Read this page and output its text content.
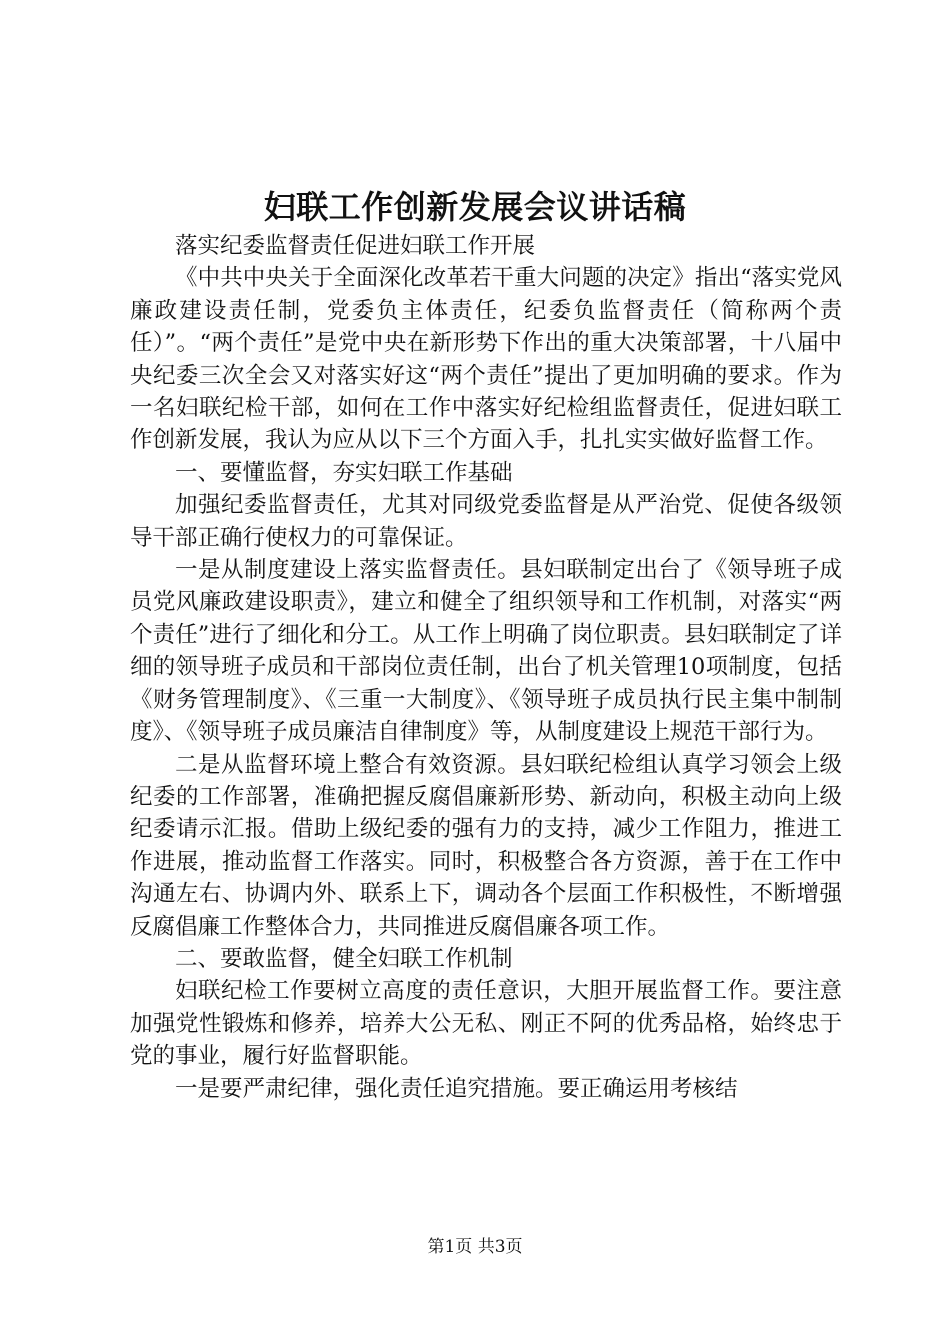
妇联工作创新发展会议讲话稿

落实纪委监督责任促进妇联工作开展

《中共中央关于全面深化改革若干重大问题的决定》指出“落实党风廉政建设责任制，党委负主体责任，纪委负监督责任（简称两个责任）”。“两个责任”是党中央在新形势下作出的重大决策部署，十八届中央纪委三次全会又对落实好这“两个责任”提出了更加明确的要求。作为一名妇联纪检干部，如何在工作中落实好纪检组监督责任，促进妇联工作创新发展，我认为应从以下三个方面入手，扎扎实实做好监督工作。

一、要懂监督，夯实妇联工作基础

加强纪委监督责任，尤其对同级党委监督是从严治党、促使各级领导干部正确行使权力的可靠保证。

一是从制度建设上落实监督责任。县妇联制定出台了《领导班子成员党风廉政建设职责》，建立和健全了组织领导和工作机制，对落实“两个责任”进行了细化和分工。从工作上明确了岗位职责。县妇联制定了详细的领导班子成员和干部岗位责任制，出台了机关管理10项制度，包括《财务管理制度》、《三重一大制度》、《领导班子成员执行民主集中制制度》、《领导班子成员廉洁自律制度》等，从制度建设上规范干部行为。

二是从监督环境上整合有效资源。县妇联纪检组认真学习领会上级纪委的工作部署，准确把握反腐倡廉新形势、新动向，积极主动向上级纪委请示汇报。借助上级纪委的强有力的支持，减少工作阻力，推进工作进展，推动监督工作落实。同时，积极整合各方资源，善于在工作中沟通左右、协调内外、联系上下，调动各个层面工作积极性，不断增强反腐倡廉工作整体合力，共同推进反腐倡廉各项工作。

二、要敢监督，健全妇联工作机制

妇联纪检工作要树立高度的责任意识，大胆开展监督工作。要注意加强党性锻炼和修养，培养大公无私、刚正不阿的优秀品格，始终忠于党的事业，履行好监督职能。

一是要严肃纪律，强化责任追究措施。要正确运用考核结

第1页 共3页
